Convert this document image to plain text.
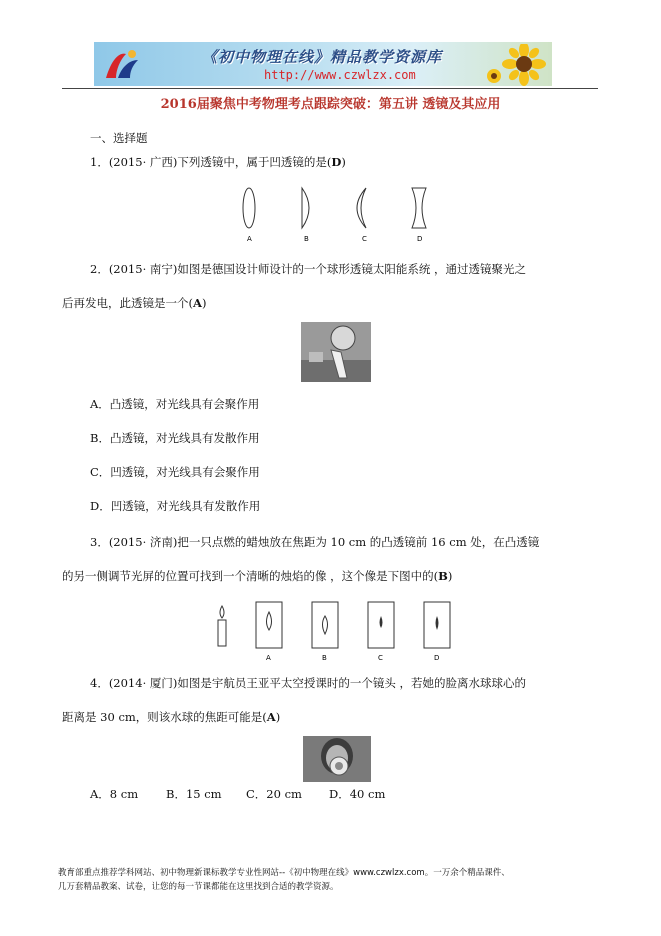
《初中物理在线》精品教学资源库
http://www.czwlzx.com
2016届聚焦中考物理考点跟踪突破：第五讲 透镜及其应用
一、选择题
1．(2015· 广西)下列透镜中，属于凹透镜的是(D)
A	B	C	D
2．(2015· 南宁)如图是德国设计师设计的一个球形透镜太阳能系统 ，通过透镜聚光之
后再发电，此透镜是一个(A)
A．凸透镜，对光线具有会聚作用
B．凸透镜，对光线具有发散作用
C．凹透镜，对光线具有会聚作用
D．凹透镜，对光线具有发散作用
3．(2015· 济南)把一只点燃的蜡烛放在焦距为 10 cm 的凸透镜前 16 cm 处，在凸透镜
的另一侧调节光屏的位置可找到一个清晰的烛焰的像 ，这个像是下图中的(B)
A	B	C	D
4．(2014· 厦门)如图是宇航员王亚平太空授课时的一个镜头 ，若她的脸离水球球心的
距离是 30 cm，则该水球的焦距可能是(A)
A．8 cm B．15 cm C．20 cm D．40 cm
教育部重点推荐学科网站、初中物理新课标教学专业性网站--《初中物理在线》www.czwlzx.com。一万余个精品课件、
几万套精品教案、试卷，让您的每一节课都能在这里找到合适的教学资源。
